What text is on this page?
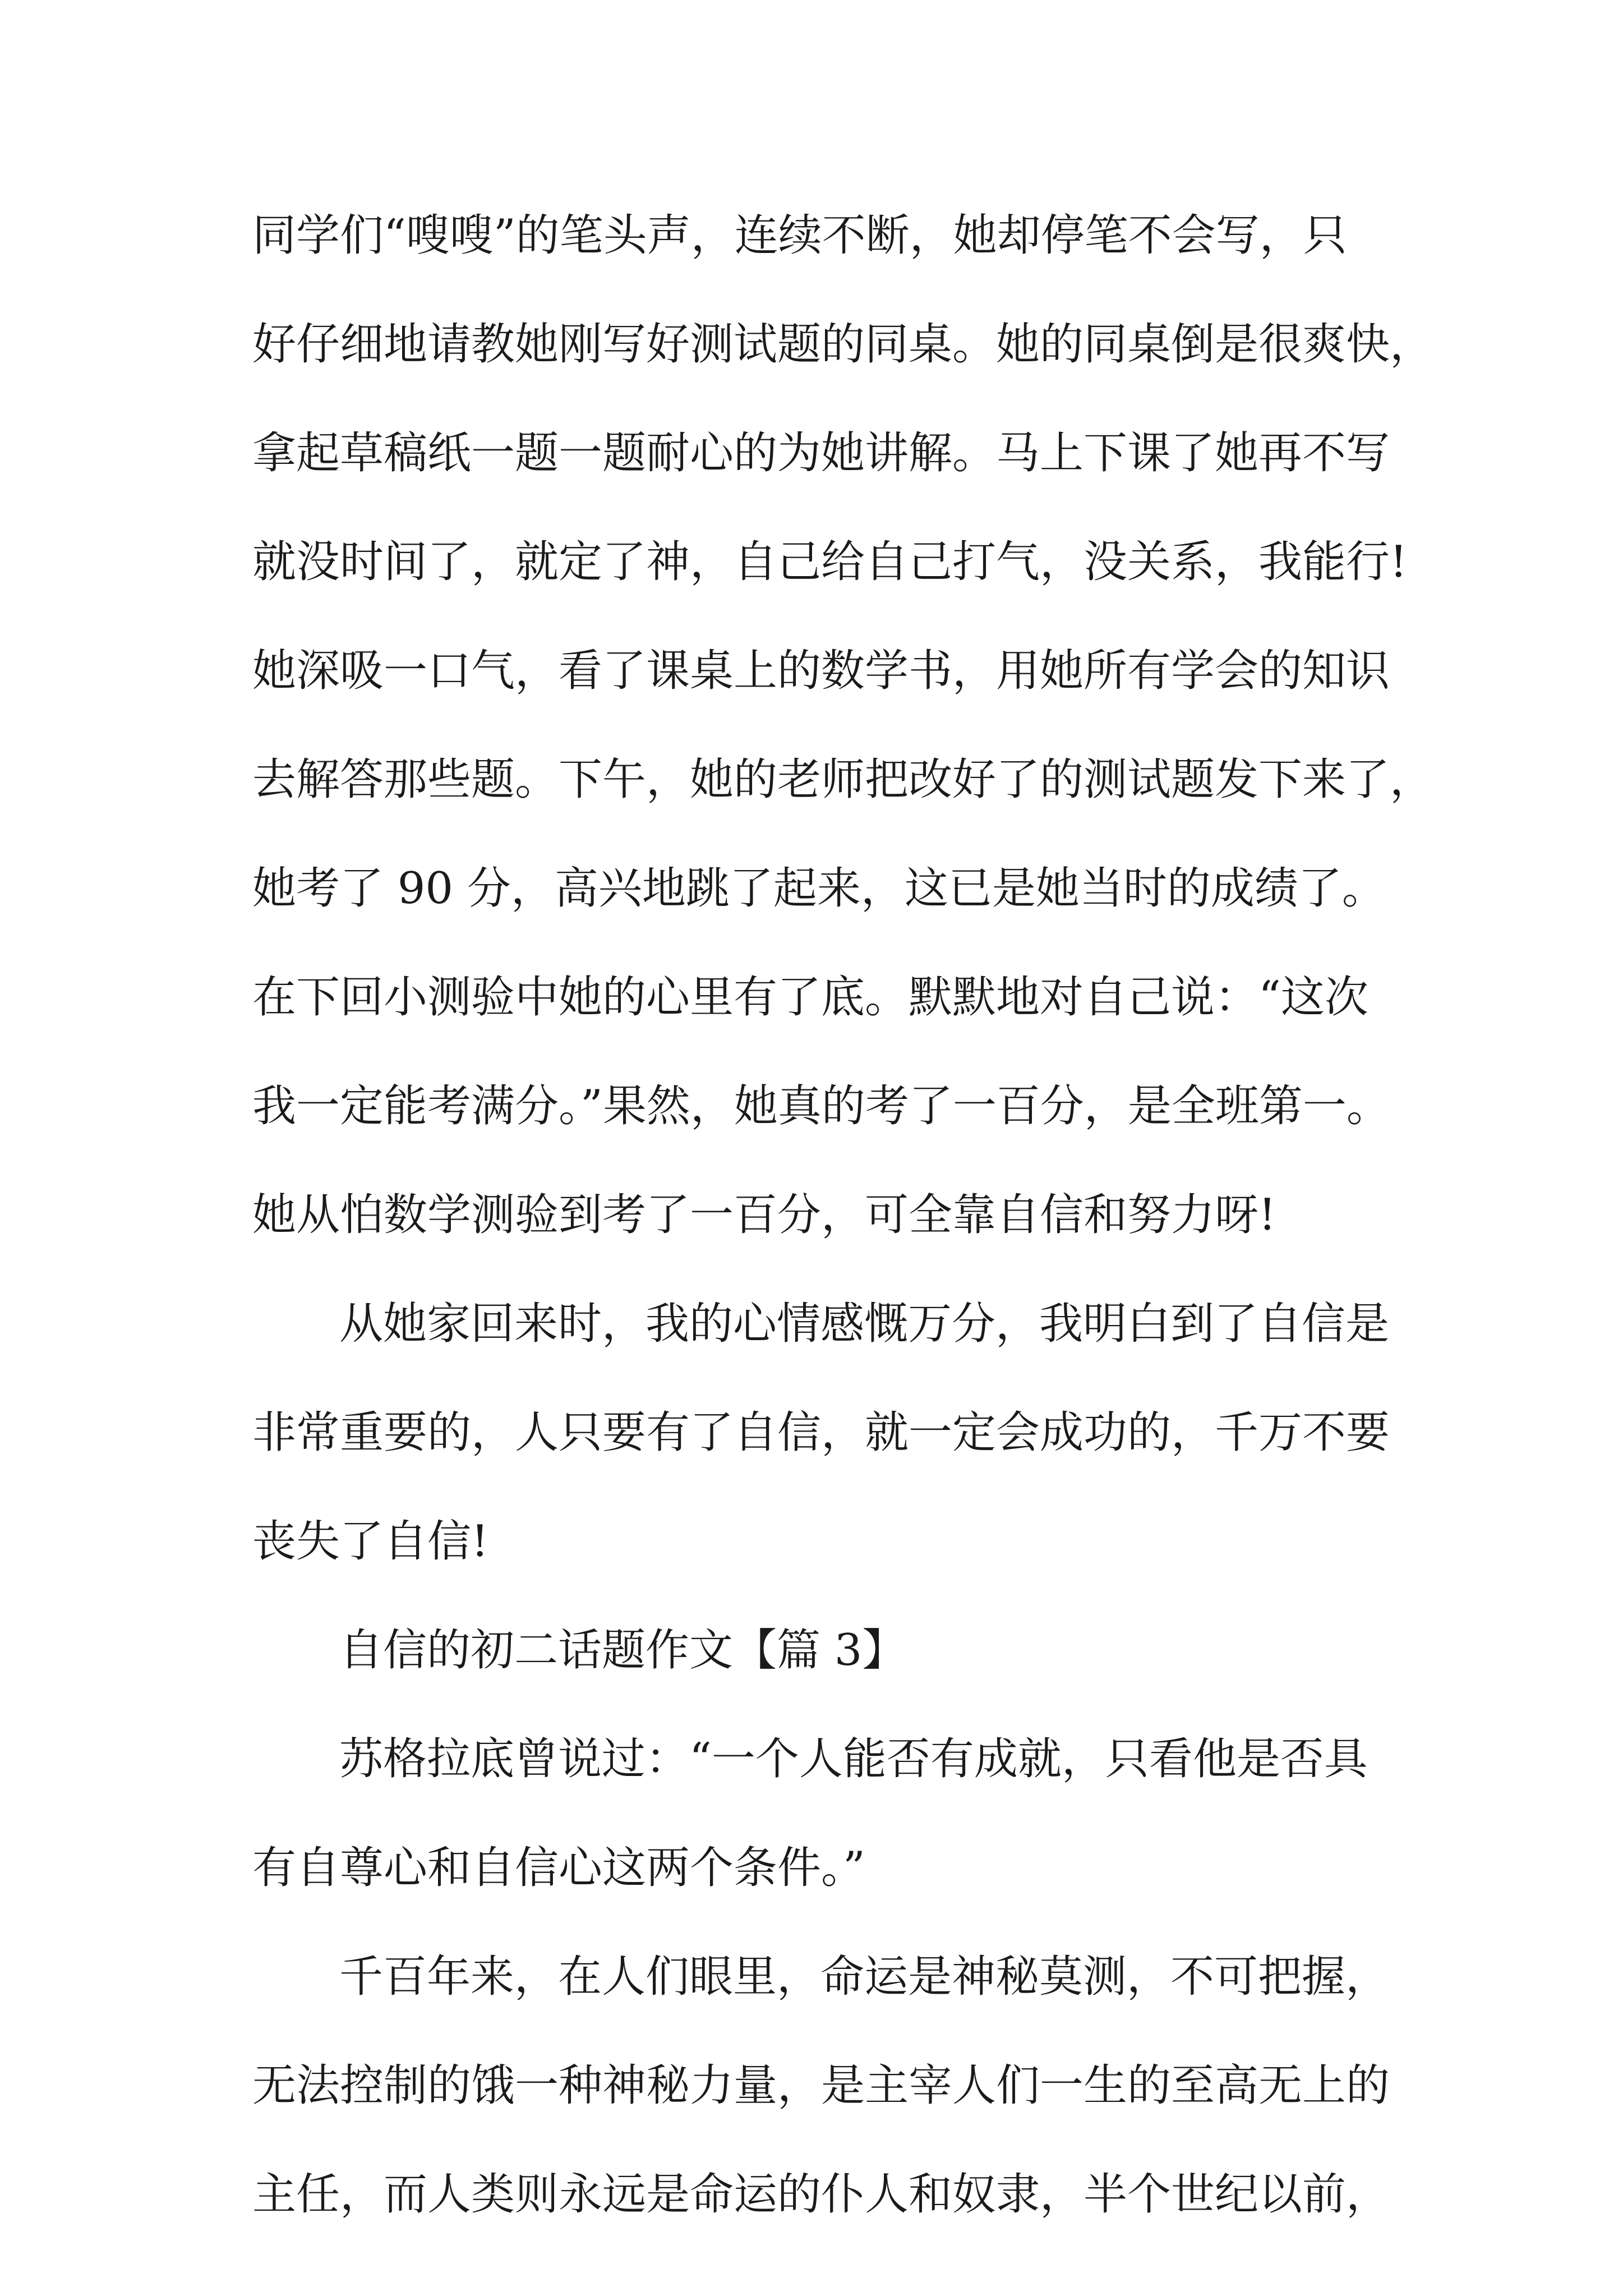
同学们“嗖嗖”的笔头声，连续不断，她却停笔不会写，只

好仔细地请教她刚写好测试题的同桌。她的同桌倒是很爽快，

拿起草稿纸一题一题耐心的为她讲解。马上下课了她再不写

就没时间了，就定了神，自己给自己打气，没关系，我能行!

她深吸一口气，看了课桌上的数学书，用她所有学会的知识

去解答那些题。下午，她的老师把改好了的测试题发下来了，

她考了 90 分，高兴地跳了起来，这已是她当时的成绩了。

在下回小测验中她的心里有了底。默默地对自己说：“这次

我一定能考满分。”果然，她真的考了一百分，是全班第一。

她从怕数学测验到考了一百分，可全靠自信和努力呀!

从她家回来时，我的心情感慨万分，我明白到了自信是

非常重要的，人只要有了自信，就一定会成功的，千万不要

丧失了自信!

自信的初二话题作文【篇 3】

苏格拉底曾说过：“一个人能否有成就，只看他是否具

有自尊心和自信心这两个条件。”

千百年来，在人们眼里，命运是神秘莫测，不可把握，

无法控制的饿一种神秘力量，是主宰人们一生的至高无上的

主任，而人类则永远是命运的仆人和奴隶，半个世纪以前，
